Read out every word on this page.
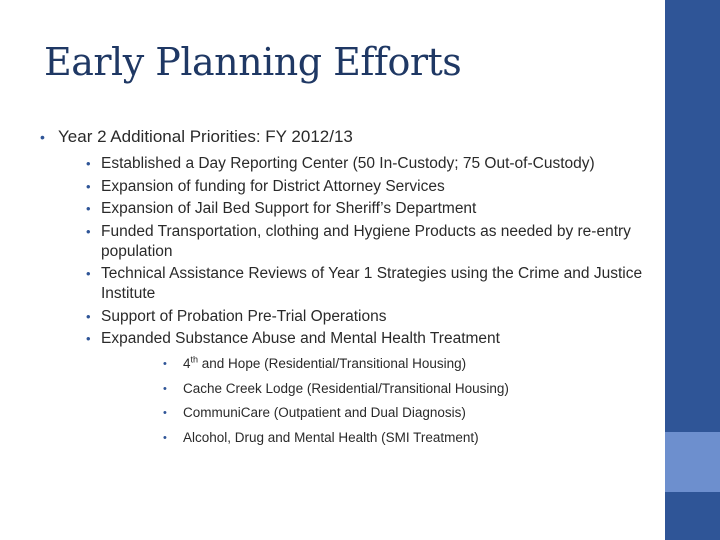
Early Planning Efforts
• Year 2 Additional Priorities: FY 2012/13
• Established a Day Reporting Center (50 In-Custody; 75 Out-of-Custody)
• Expansion of funding for District Attorney Services
• Expansion of Jail Bed Support for Sheriff’s Department
• Funded Transportation, clothing and Hygiene Products as needed by re-entry population
• Technical Assistance Reviews of Year 1 Strategies using the Crime and Justice Institute
• Support of Probation Pre-Trial Operations
• Expanded Substance Abuse and Mental Health Treatment
• 4th and Hope (Residential/Transitional Housing)
• Cache Creek Lodge (Residential/Transitional Housing)
• CommuniCare (Outpatient and Dual Diagnosis)
• Alcohol, Drug and Mental Health (SMI Treatment)
